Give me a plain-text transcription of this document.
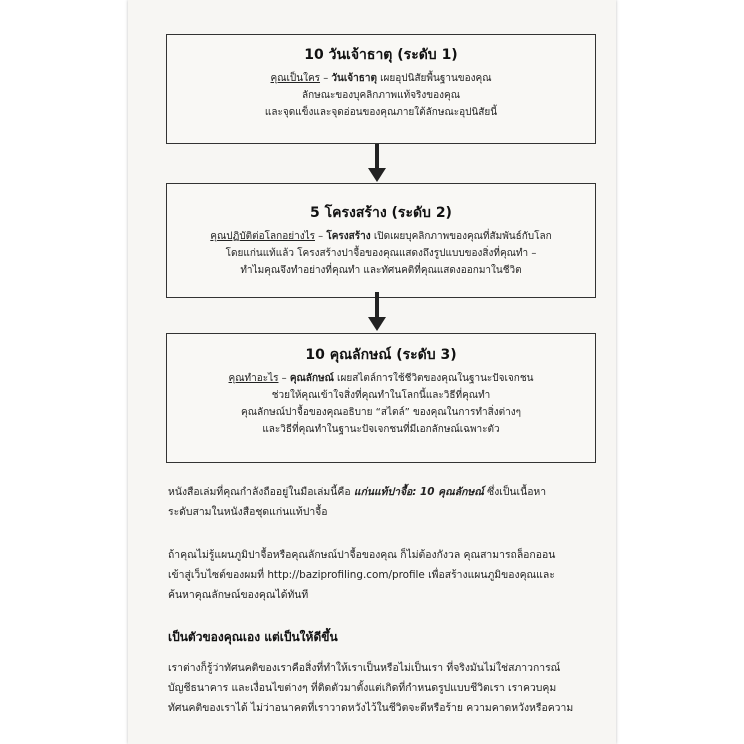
10 วันเจ้าธาตุ (ระดับ 1)
คุณเป็นใคร – วันเจ้าธาตุ เผยอุปนิสัยพื้นฐานของคุณ
ลักษณะของบุคลิกภาพแท้จริงของคุณ
และจุดแข็งและจุดอ่อนของคุณภายใต้ลักษณะอุปนิสัยนี้
5 โครงสร้าง (ระดับ 2)
คุณปฏิบัติต่อโลกอย่างไร – โครงสร้าง เปิดเผยบุคลิกภาพของคุณที่สัมพันธ์กับโลก
โดยแก่นแท้แล้ว โครงสร้างปาจื้อของคุณแสดงถึงรูปแบบของสิ่งที่คุณทำ –
ทำไมคุณจึงทำอย่างที่คุณทำ และทัศนคติที่คุณแสดงออกมาในชีวิต
10 คุณลักษณ์ (ระดับ 3)
คุณทำอะไร – คุณลักษณ์ เผยสไตล์การใช้ชีวิตของคุณในฐานะปัจเจกชน
ช่วยให้คุณเข้าใจสิ่งที่คุณทำในโลกนี้และวิธีที่คุณทำ
คุณลักษณ์ปาจื้อของคุณอธิบาย “สไตล์” ของคุณในการทำสิ่งต่างๆ
และวิธีที่คุณทำในฐานะปัจเจกชนที่มีเอกลักษณ์เฉพาะตัว
หนังสือเล่มที่คุณกำลังถืออยู่ในมือเล่มนี้คือ แก่นแท้ปาจื้อ: 10 คุณลักษณ์ ซึ่งเป็นเนื้อหา
ระดับสามในหนังสือชุดแก่นแท้ปาจื้อ
ถ้าคุณไม่รู้แผนภูมิปาจื้อหรือคุณลักษณ์ปาจื้อของคุณ ก็ไม่ต้องกังวล คุณสามารถล็อกออน
เข้าสู่เว็บไซต์ของผมที่ http://baziprofiling.com/profile เพื่อสร้างแผนภูมิของคุณและ
ค้นหาคุณลักษณ์ของคุณได้ทันที
เป็นตัวของคุณเอง แต่เป็นให้ดีขึ้น
เราต่างก็รู้ว่าทัศนคติของเราคือสิ่งที่ทำให้เราเป็นหรือไม่เป็นเรา ที่จริงมันไม่ใช่สภาวการณ์
บัญชีธนาคาร และเงื่อนไขต่างๆ ที่ติดตัวมาตั้งแต่เกิดที่กำหนดรูปแบบชีวิตเรา เราควบคุม
ทัศนคติของเราได้ ไม่ว่าอนาคตที่เราวาดหวังไว้ในชีวิตจะดีหรือร้าย ความคาดหวังหรือความ
